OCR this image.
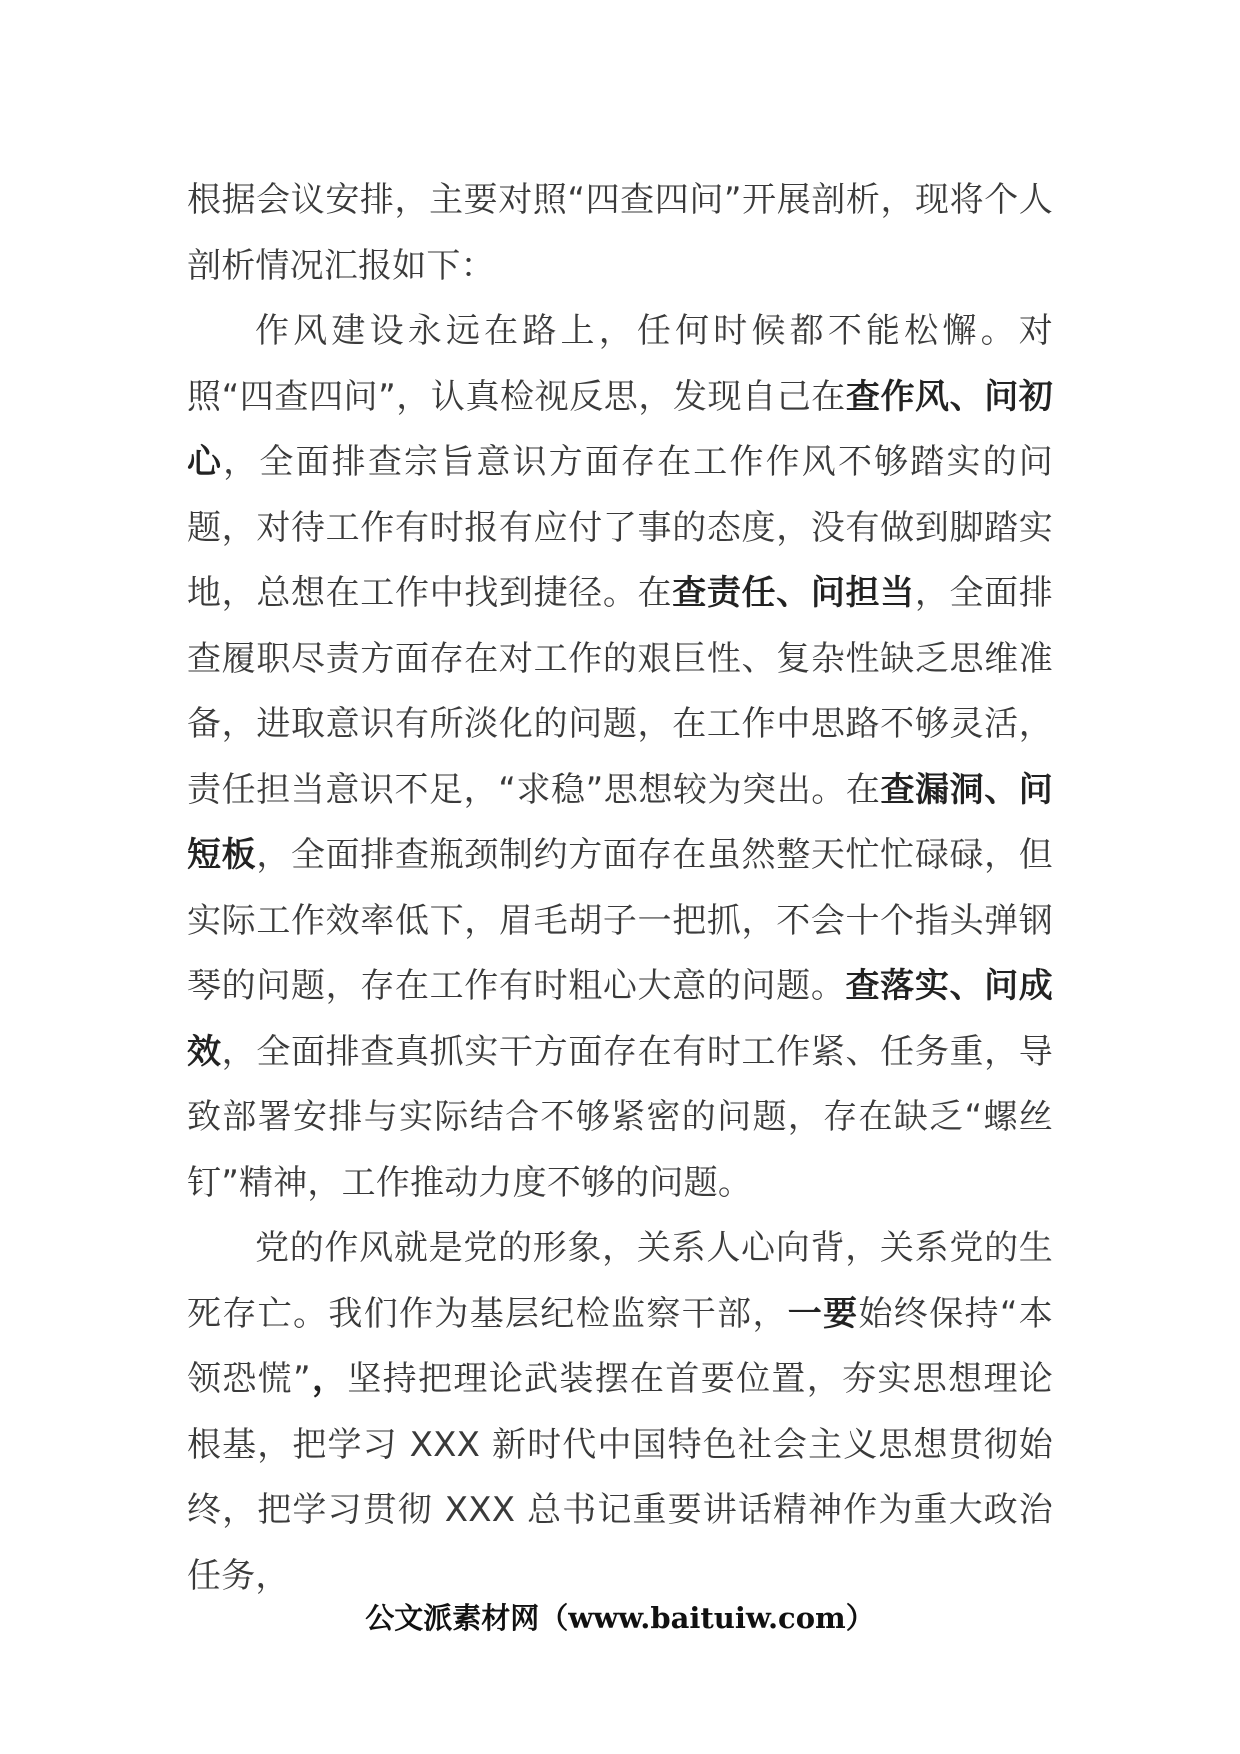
根据会议安排，主要对照“四查四问”开展剖析，现将个人剖析情况汇报如下：

作风建设永远在路上，任何时候都不能松懈。对照“四查四问”，认真检视反思，发现自己在查作风、问初心，全面排查宗旨意识方面存在工作作风不够踏实的问题，对待工作有时报有应付了事的态度，没有做到脚踏实地，总想在工作中找到捷径。在查责任、问担当，全面排查履职尽责方面存在对工作的艰巨性、复杂性缺乏思维准备，进取意识有所淡化的问题，在工作中思路不够灵活，责任担当意识不足，“求稳”思想较为突出。在查漏洞、问短板，全面排查瓶颈制约方面存在虽然整天忙忙碌碌，但实际工作效率低下，眉毛胡子一把抓，不会十个指头弹钢琴的问题，存在工作有时粗心大意的问题。查落实、问成效，全面排查真抓实干方面存在有时工作紧、任务重，导致部署安排与实际结合不够紧密的问题，存在缺乏“螺丝钉”精神，工作推动力度不够的问题。

党的作风就是党的形象，关系人心向背，关系党的生死存亡。我们作为基层纪检监察干部，一要始终保持“本领恐慌”，坚持把理论武装摆在首要位置，夯实思想理论根基，把学习 XXX 新时代中国特色社会主义思想贯彻始终，把学习贯彻 XXX 总书记重要讲话精神作为重大政治任务，

公文派素材网（www.baituiw.com）
